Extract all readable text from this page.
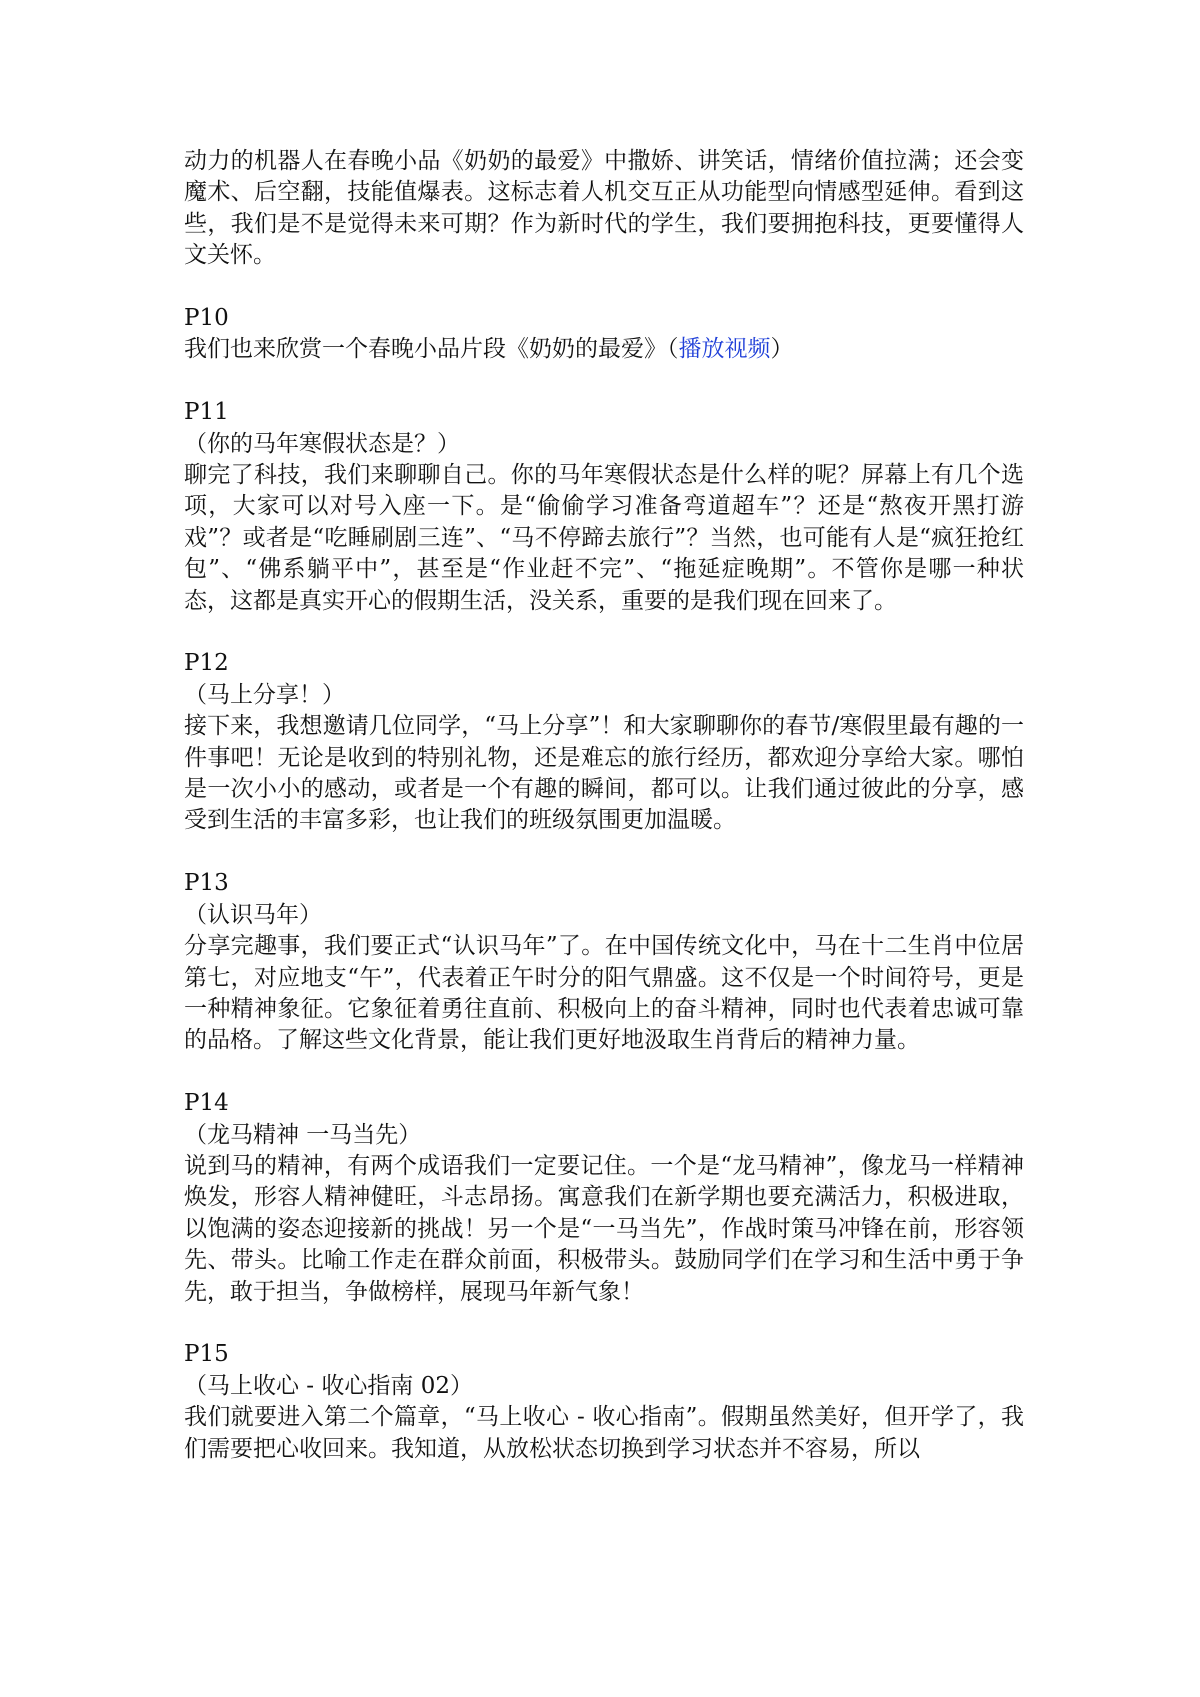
动力的机器人在春晚小品《奶奶的最爱》中撒娇、讲笑话，情绪价值拉满；还会变魔术、后空翻，技能值爆表。这标志着人机交互正从功能型向情感型延伸。看到这些，我们是不是觉得未来可期？作为新时代的学生，我们要拥抱科技，更要懂得人文关怀。

P10

我们也来欣赏一个春晚小品片段《奶奶的最爱》（播放视频）

P11
（你的马年寒假状态是？）

聊完了科技，我们来聊聊自己。你的马年寒假状态是什么样的呢？屏幕上有几个选项，大家可以对号入座一下。是“偷偷学习准备弯道超车”？还是“熬夜开黑打游戏”？或者是“吃睡刷剧三连”、“马不停蹄去旅行”？当然，也可能有人是“疯狂抢红包”、“佛系躺平中”，甚至是“作业赶不完”、“拖延症晚期”。不管你是哪一种状态，这都是真实开心的假期生活，没关系，重要的是我们现在回来了。

P12
（马上分享！）

接下来，我想邀请几位同学，“马上分享”！和大家聊聊你的春节/寒假里最有趣的一件事吧！无论是收到的特别礼物，还是难忘的旅行经历，都欢迎分享给大家。哪怕是一次小小的感动，或者是一个有趣的瞬间，都可以。让我们通过彼此的分享，感受到生活的丰富多彩，也让我们的班级氛围更加温暖。

P13
（认识马年）

分享完趣事，我们要正式“认识马年”了。在中国传统文化中，马在十二生肖中位居第七，对应地支“午”，代表着正午时分的阳气鼎盛。这不仅是一个时间符号，更是一种精神象征。它象征着勇往直前、积极向上的奋斗精神，同时也代表着忠诚可靠的品格。了解这些文化背景，能让我们更好地汲取生肖背后的精神力量。

P14
（龙马精神 一马当先）

说到马的精神，有两个成语我们一定要记住。一个是“龙马精神”，像龙马一样精神焕发，形容人精神健旺，斗志昂扬。寓意我们在新学期也要充满活力，积极进取，以饱满的姿态迎接新的挑战！另一个是“一马当先”，作战时策马冲锋在前，形容领先、带头。比喻工作走在群众前面，积极带头。鼓励同学们在学习和生活中勇于争先，敢于担当，争做榜样，展现马年新气象！

P15
（马上收心 - 收心指南 02）

我们就要进入第二个篇章，“马上收心 - 收心指南”。假期虽然美好，但开学了，我们需要把心收回来。我知道，从放松状态切换到学习状态并不容易，所以
